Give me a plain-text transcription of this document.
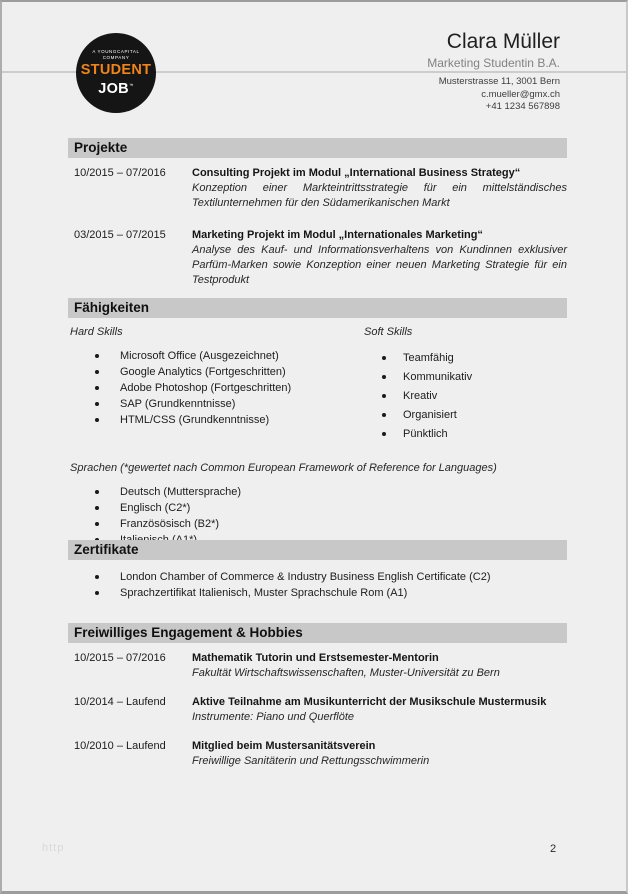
A YOUNGCAPITAL
COMPANY
STUDENT
JOB™
Clara Müller
Marketing Studentin B.A.
Musterstrasse 11, 3001 Bern
c.mueller@gmx.ch
+41 1234 567898
Projekte
10/2015 – 07/2016	Consulting Projekt im Modul „International Business Strategy“
Konzeption einer Markteintrittsstrategie für ein mittelständisches Textilunternehmen für den Südamerikanischen Markt
03/2015 – 07/2015	Marketing Projekt im Modul „Internationales Marketing“
Analyse des Kauf- und Informationsverhaltens von Kundinnen exklusiver Parfüm-Marken sowie Konzeption einer neuen Marketing Strategie für ein Testprodukt
Fähigkeiten
Hard Skills
Microsoft Office (Ausgezeichnet)
Google Analytics (Fortgeschritten)
Adobe Photoshop (Fortgeschritten)
SAP (Grundkenntnisse)
HTML/CSS (Grundkenntnisse)
Soft Skills
Teamfähig
Kommunikativ
Kreativ
Organisiert
Pünktlich
Sprachen (*gewertet nach Common European Framework of Reference for Languages)
Deutsch (Muttersprache)
Englisch (C2*)
Französösisch (B2*)
Zertifikate
London Chamber of Commerce & Industry Business English Certificate (C2)
Sprachzertifikat Italienisch, Muster Sprachschule Rom (A1)
Freiwilliges Engagement & Hobbies
10/2015 – 07/2016	Mathematik Tutorin und Erstsemester-Mentorin
Fakultät Wirtschaftswissenschaften, Muster-Universität zu Bern
10/2014 – Laufend	Aktive Teilnahme am Musikunterricht der Musikschule Mustermusik
Instrumente: Piano und Querflöte
10/2010 – Laufend	Mitglied beim Mustersanitätsverein
Freiwillige Sanitäterin und Rettungsschwimmerin
http	2
